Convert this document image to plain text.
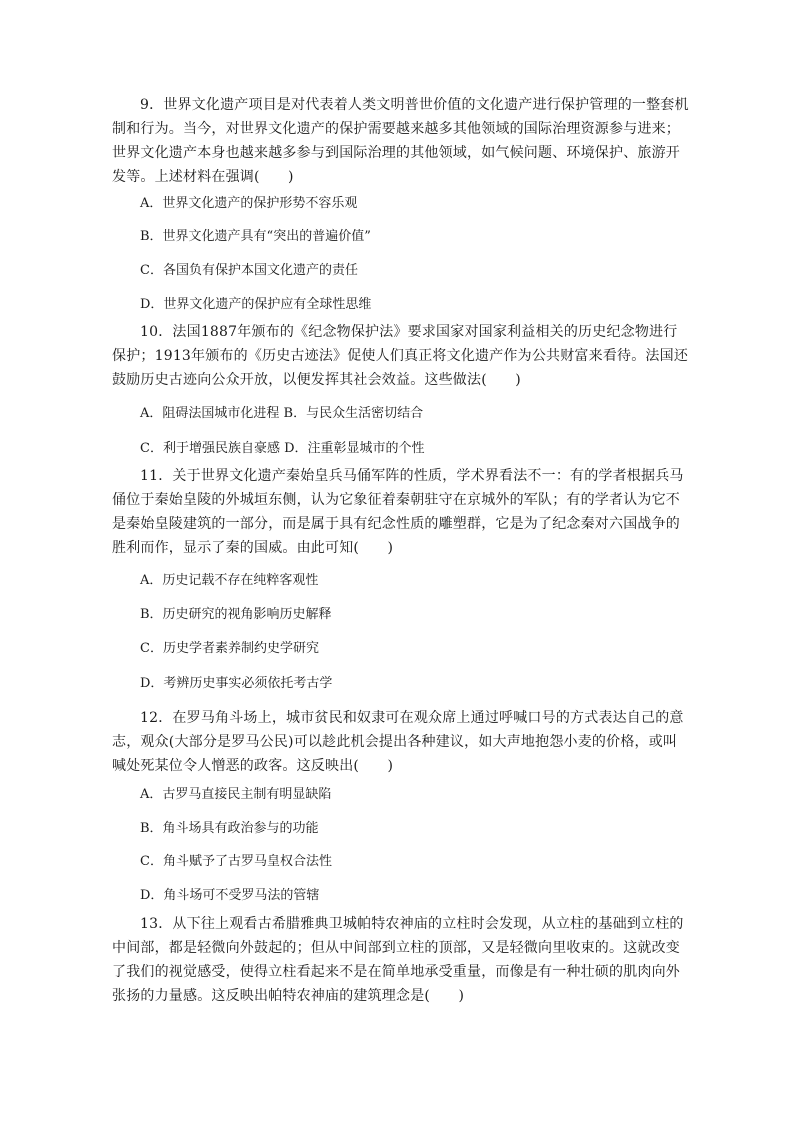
9．世界文化遗产项目是对代表着人类文明普世价值的文化遗产进行保护管理的一整套机制和行为。当今，对世界文化遗产的保护需要越来越多其他领域的国际治理资源参与进来；世界文化遗产本身也越来越多参与到国际治理的其他领域，如气候问题、环境保护、旅游开发等。上述材料在强调(　　)

A．世界文化遗产的保护形势不容乐观
B．世界文化遗产具有“突出的普遍价值”
C．各国负有保护本国文化遗产的责任
D．世界文化遗产的保护应有全球性思维

10．法国1887年颁布的《纪念物保护法》要求国家对国家利益相关的历史纪念物进行保护；1913年颁布的《历史古迹法》促使人们真正将文化遗产作为公共财富来看待。法国还鼓励历史古迹向公众开放，以便发挥其社会效益。这些做法(　　)

A．阻碍法国城市化进程 B．与民众生活密切结合
C．利于增强民族自豪感 D．注重彰显城市的个性

11．关于世界文化遗产秦始皇兵马俑军阵的性质，学术界看法不一：有的学者根据兵马俑位于秦始皇陵的外城垣东侧，认为它象征着秦朝驻守在京城外的军队；有的学者认为它不是秦始皇陵建筑的一部分，而是属于具有纪念性质的雕塑群，它是为了纪念秦对六国战争的胜利而作，显示了秦的国威。由此可知(　　)

A．历史记载不存在纯粹客观性
B．历史研究的视角影响历史解释
C．历史学者素养制约史学研究
D．考辨历史事实必须依托考古学

12．在罗马角斗场上，城市贫民和奴隶可在观众席上通过呼喊口号的方式表达自己的意志，观众(大部分是罗马公民)可以趁此机会提出各种建议，如大声地抱怨小麦的价格，或叫喊处死某位令人憎恶的政客。这反映出(　　)

A．古罗马直接民主制有明显缺陷
B．角斗场具有政治参与的功能
C．角斗赋予了古罗马皇权合法性
D．角斗场可不受罗马法的管辖

13．从下往上观看古希腊雅典卫城帕特农神庙的立柱时会发现，从立柱的基础到立柱的中间部，都是轻微向外鼓起的；但从中间部到立柱的顶部，又是轻微向里收束的。这就改变了我们的视觉感受，使得立柱看起来不是在简单地承受重量，而像是有一种壮硕的肌肉向外张扬的力量感。这反映出帕特农神庙的建筑理念是(　　)
